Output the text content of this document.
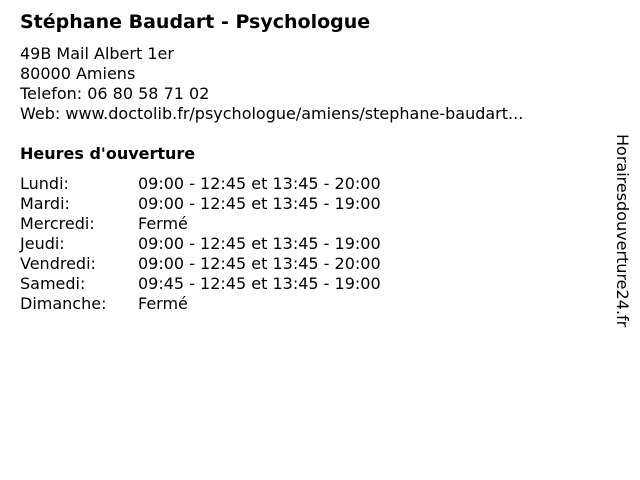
Stéphane Baudart - Psychologue
49B Mail Albert 1er
80000 Amiens
Telefon: 06 80 58 71 02
Web: www.doctolib.fr/psychologue/amiens/stephane-baudart...
Heures d'ouverture
Lundi:	09:00 - 12:45 et 13:45 - 20:00
Mardi:	09:00 - 12:45 et 13:45 - 19:00
Mercredi:	Fermé
Jeudi:	09:00 - 12:45 et 13:45 - 19:00
Vendredi:	09:00 - 12:45 et 13:45 - 20:00
Samedi:	09:45 - 12:45 et 13:45 - 19:00
Dimanche: Fermé	Horairesdouverture24.fr
